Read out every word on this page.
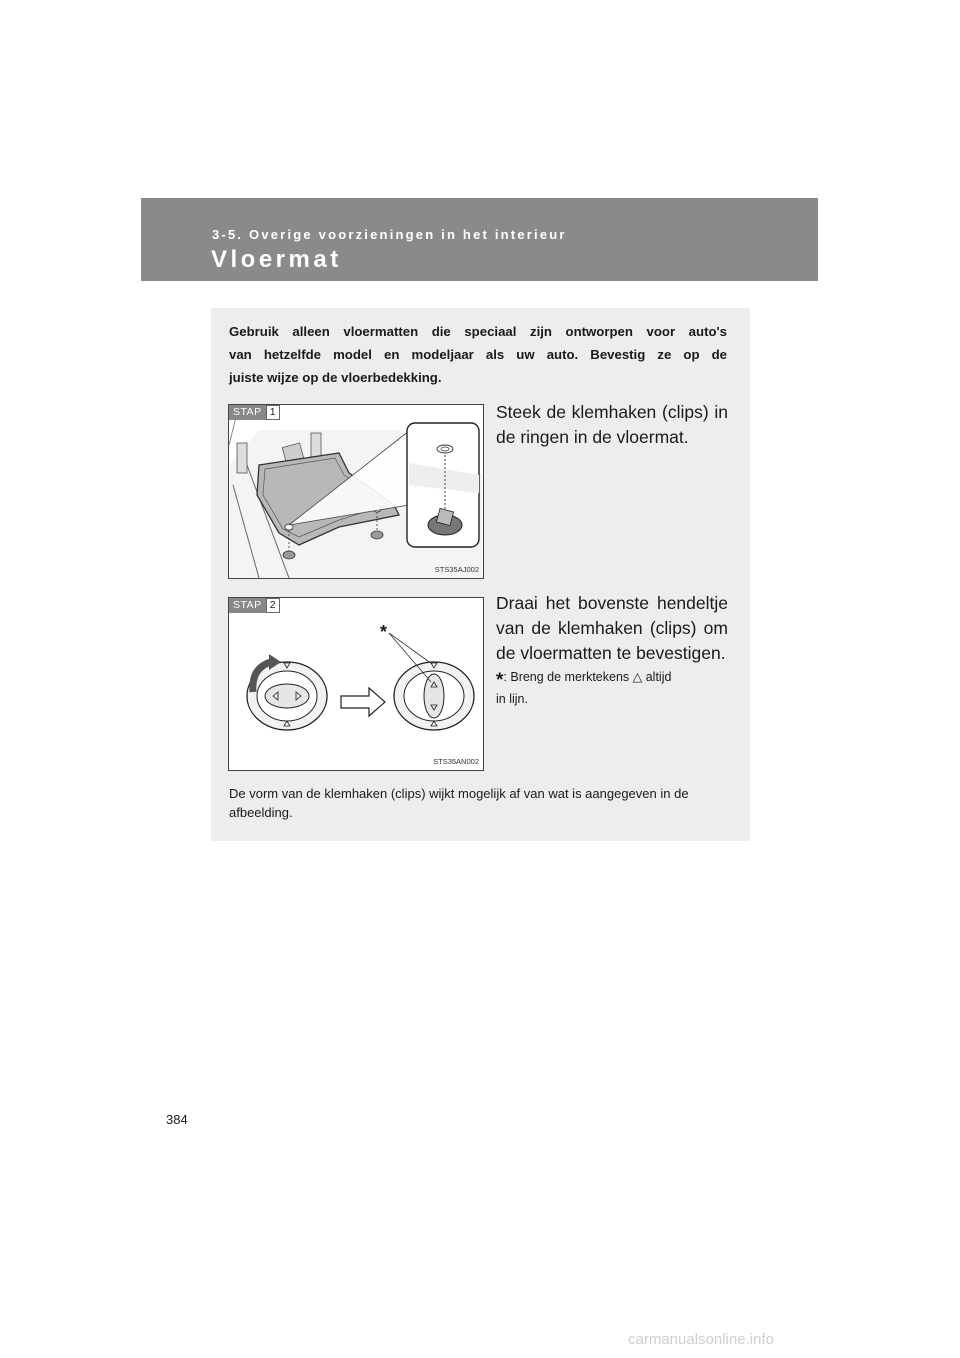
3-5. Overige voorzieningen in het interieur
Vloermat
Gebruik alleen vloermatten die speciaal zijn ontworpen voor auto's
van hetzelfde model en modeljaar als uw auto. Bevestig ze op de
juiste wijze op de vloerbedekking.
STAP 1
STS35AJ002
Steek de klemhaken (clips) in
de ringen in de vloermat.
STAP 2
*
STS35AN002
Draai het bovenste hendeltje
van de klemhaken (clips) om
de vloermatten te bevestigen.
*: Breng de merktekens △ altijd
in lijn.
De vorm van de klemhaken (clips) wijkt mogelijk af van wat is aangegeven in de afbeelding.
384
carmanualsonline.info
